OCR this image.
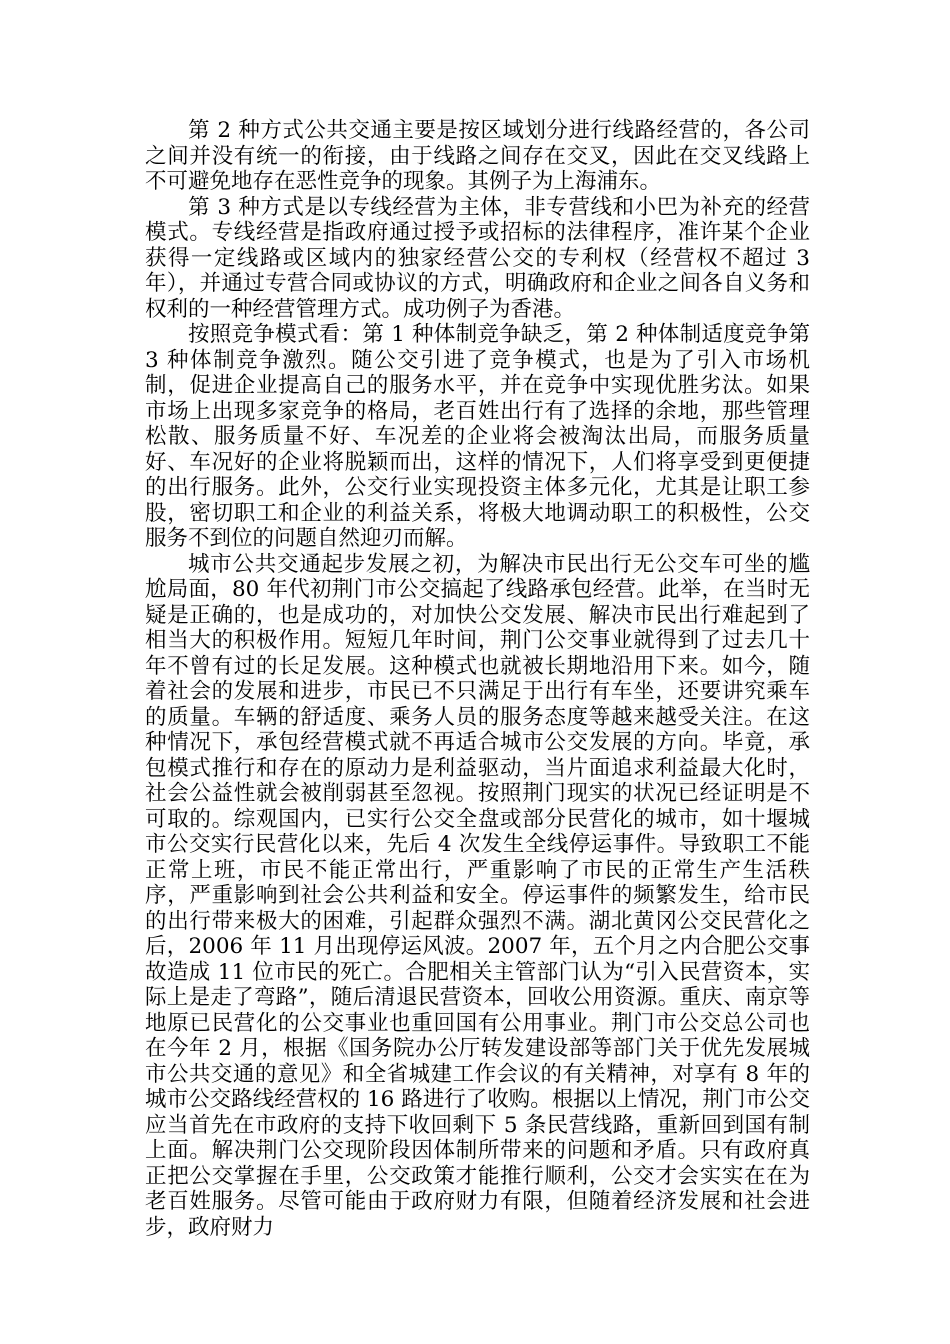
第 2 种方式公共交通主要是按区域划分进行线路经营的，各公司之间并没有统一的衔接，由于线路之间存在交叉，因此在交叉线路上不可避免地存在恶性竞争的现象。其例子为上海浦东。

第 3 种方式是以专线经营为主体，非专营线和小巴为补充的经营模式。专线经营是指政府通过授予或招标的法律程序，准许某个企业获得一定线路或区域内的独家经营公交的专利权（经营权不超过 3 年），并通过专营合同或协议的方式，明确政府和企业之间各自义务和权利的一种经营管理方式。成功例子为香港。

按照竞争模式看：第 1 种体制竞争缺乏，第 2 种体制适度竞争第 3 种体制竞争激烈。随公交引进了竞争模式，也是为了引入市场机制，促进企业提高自己的服务水平，并在竞争中实现优胜劣汰。如果市场上出现多家竞争的格局，老百姓出行有了选择的余地，那些管理松散、服务质量不好、车况差的企业将会被淘汰出局，而服务质量好、车况好的企业将脱颖而出，这样的情况下，人们将享受到更便捷的出行服务。此外，公交行业实现投资主体多元化，尤其是让职工参股，密切职工和企业的利益关系，将极大地调动职工的积极性，公交服务不到位的问题自然迎刃而解。

城市公共交通起步发展之初，为解决市民出行无公交车可坐的尴尬局面，80 年代初荆门市公交搞起了线路承包经营。此举，在当时无疑是正确的，也是成功的，对加快公交发展、解决市民出行难起到了相当大的积极作用。短短几年时间，荆门公交事业就得到了过去几十年不曾有过的长足发展。这种模式也就被长期地沿用下来。如今，随着社会的发展和进步，市民已不只满足于出行有车坐，还要讲究乘车的质量。车辆的舒适度、乘务人员的服务态度等越来越受关注。在这种情况下，承包经营模式就不再适合城市公交发展的方向。毕竟，承包模式推行和存在的原动力是利益驱动，当片面追求利益最大化时，社会公益性就会被削弱甚至忽视。按照荆门现实的状况已经证明是不可取的。综观国内，已实行公交全盘或部分民营化的城市，如十堰城市公交实行民营化以来，先后 4 次发生全线停运事件。导致职工不能正常上班，市民不能正常出行，严重影响了市民的正常生产生活秩序，严重影响到社会公共利益和安全。停运事件的频繁发生，给市民的出行带来极大的困难，引起群众强烈不满。湖北黄冈公交民营化之后，2006 年 11 月出现停运风波。2007 年，五个月之内合肥公交事故造成 11 位市民的死亡。合肥相关主管部门认为“引入民营资本，实际上是走了弯路”，随后清退民营资本，回收公用资源。重庆、南京等地原已民营化的公交事业也重回国有公用事业。荆门市公交总公司也在今年 2 月，根据《国务院办公厅转发建设部等部门关于优先发展城市公共交通的意见》和全省城建工作会议的有关精神，对享有 8 年的城市公交路线经营权的 16 路进行了收购。根据以上情况，荆门市公交应当首先在市政府的支持下收回剩下 5 条民营线路，重新回到国有制上面。解决荆门公交现阶段因体制所带来的问题和矛盾。只有政府真正把公交掌握在手里，公交政策才能推行顺利，公交才会实实在在为老百姓服务。尽管可能由于政府财力有限，但随着经济发展和社会进步，政府财力
